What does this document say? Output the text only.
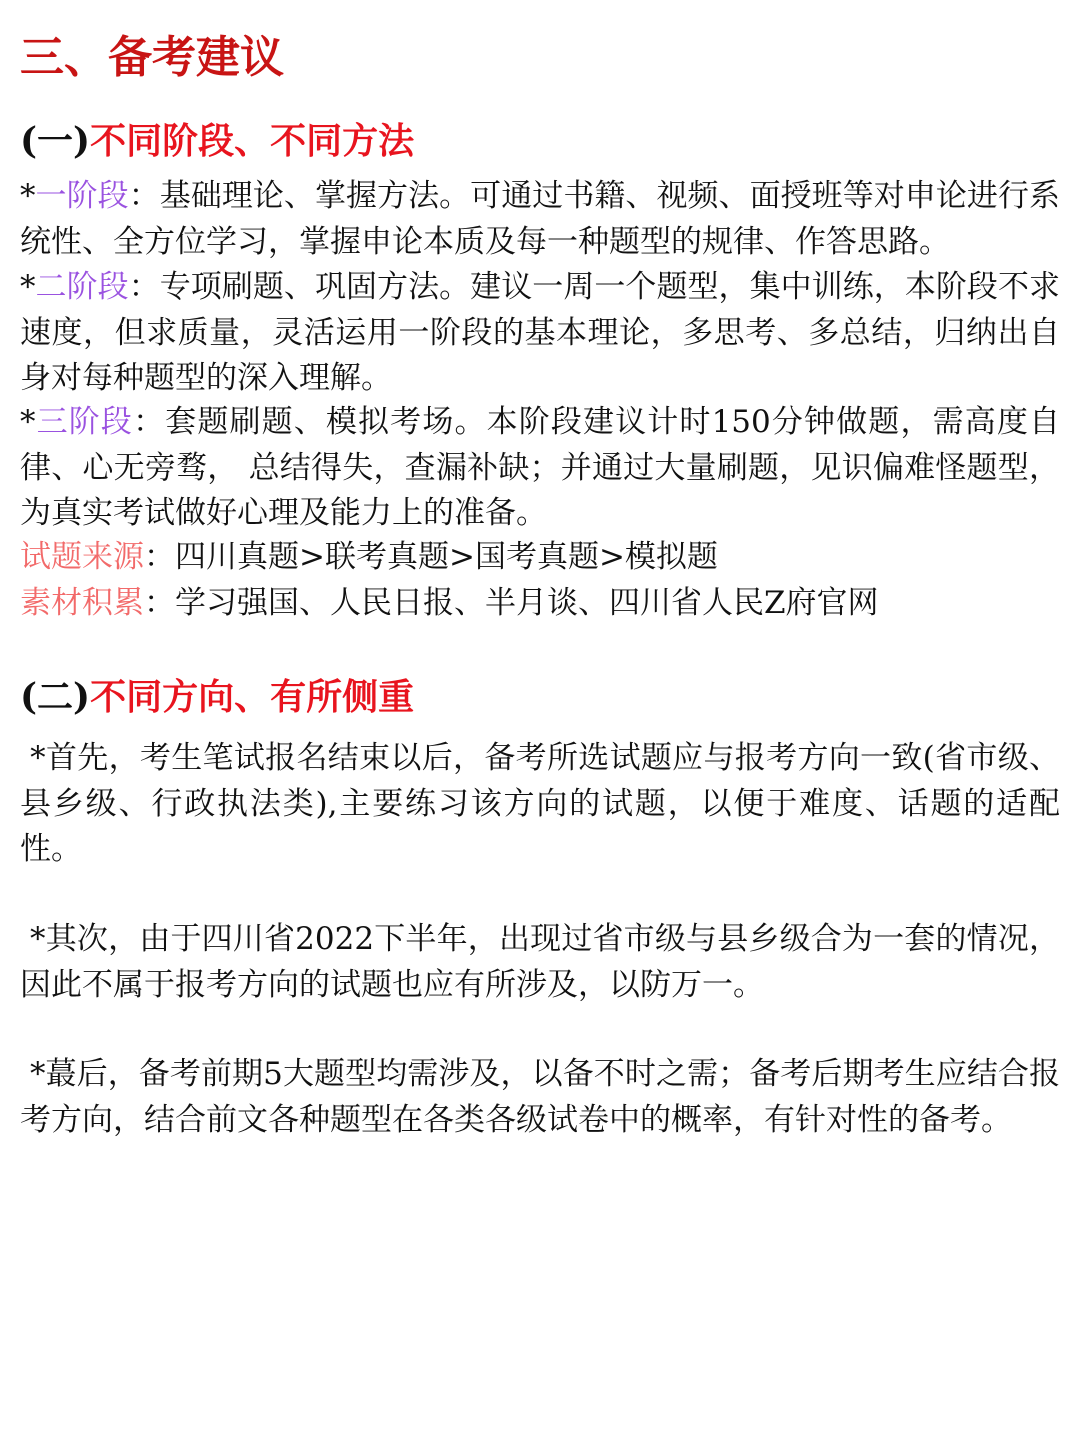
三、备考建议
(一)不同阶段、不同方法

*一阶段：基础理论、掌握方法。可通过书籍、视频、面授班等对申论进行系统性、全方位学习，掌握申论本质及每一种题型的规律、作答思路。

*二阶段：专项刷题、巩固方法。建议一周一个题型，集中训练，本阶段不求速度，但求质量，灵活运用一阶段的基本理论，多思考、多总结，归纳出自身对每种题型的深入理解。

*三阶段：套题刷题、模拟考场。本阶段建议计时150分钟做题，需高度自律、心无旁骛， 总结得失，查漏补缺；并通过大量刷题，见识偏难怪题型，为真实考试做好心理及能力上的准备。

试题来源：四川真题>联考真题>国考真题>模拟题

素材积累：学习强国、人民日报、半月谈、四川省人民Z府官网

(二)不同方向、有所侧重

*首先，考生笔试报名结束以后，备考所选试题应与报考方向一致(省市级、县乡级、行政执法类),主要练习该方向的试题，以便于难度、话题的适配性。

*其次，由于四川省2022下半年，出现过省市级与县乡级合为一套的情况，因此不属于报考方向的试题也应有所涉及，以防万一。

*蕞后，备考前期5大题型均需涉及，以备不时之需；备考后期考生应结合报考方向，结合前文各种题型在各类各级试卷中的概率，有针对性的备考。
